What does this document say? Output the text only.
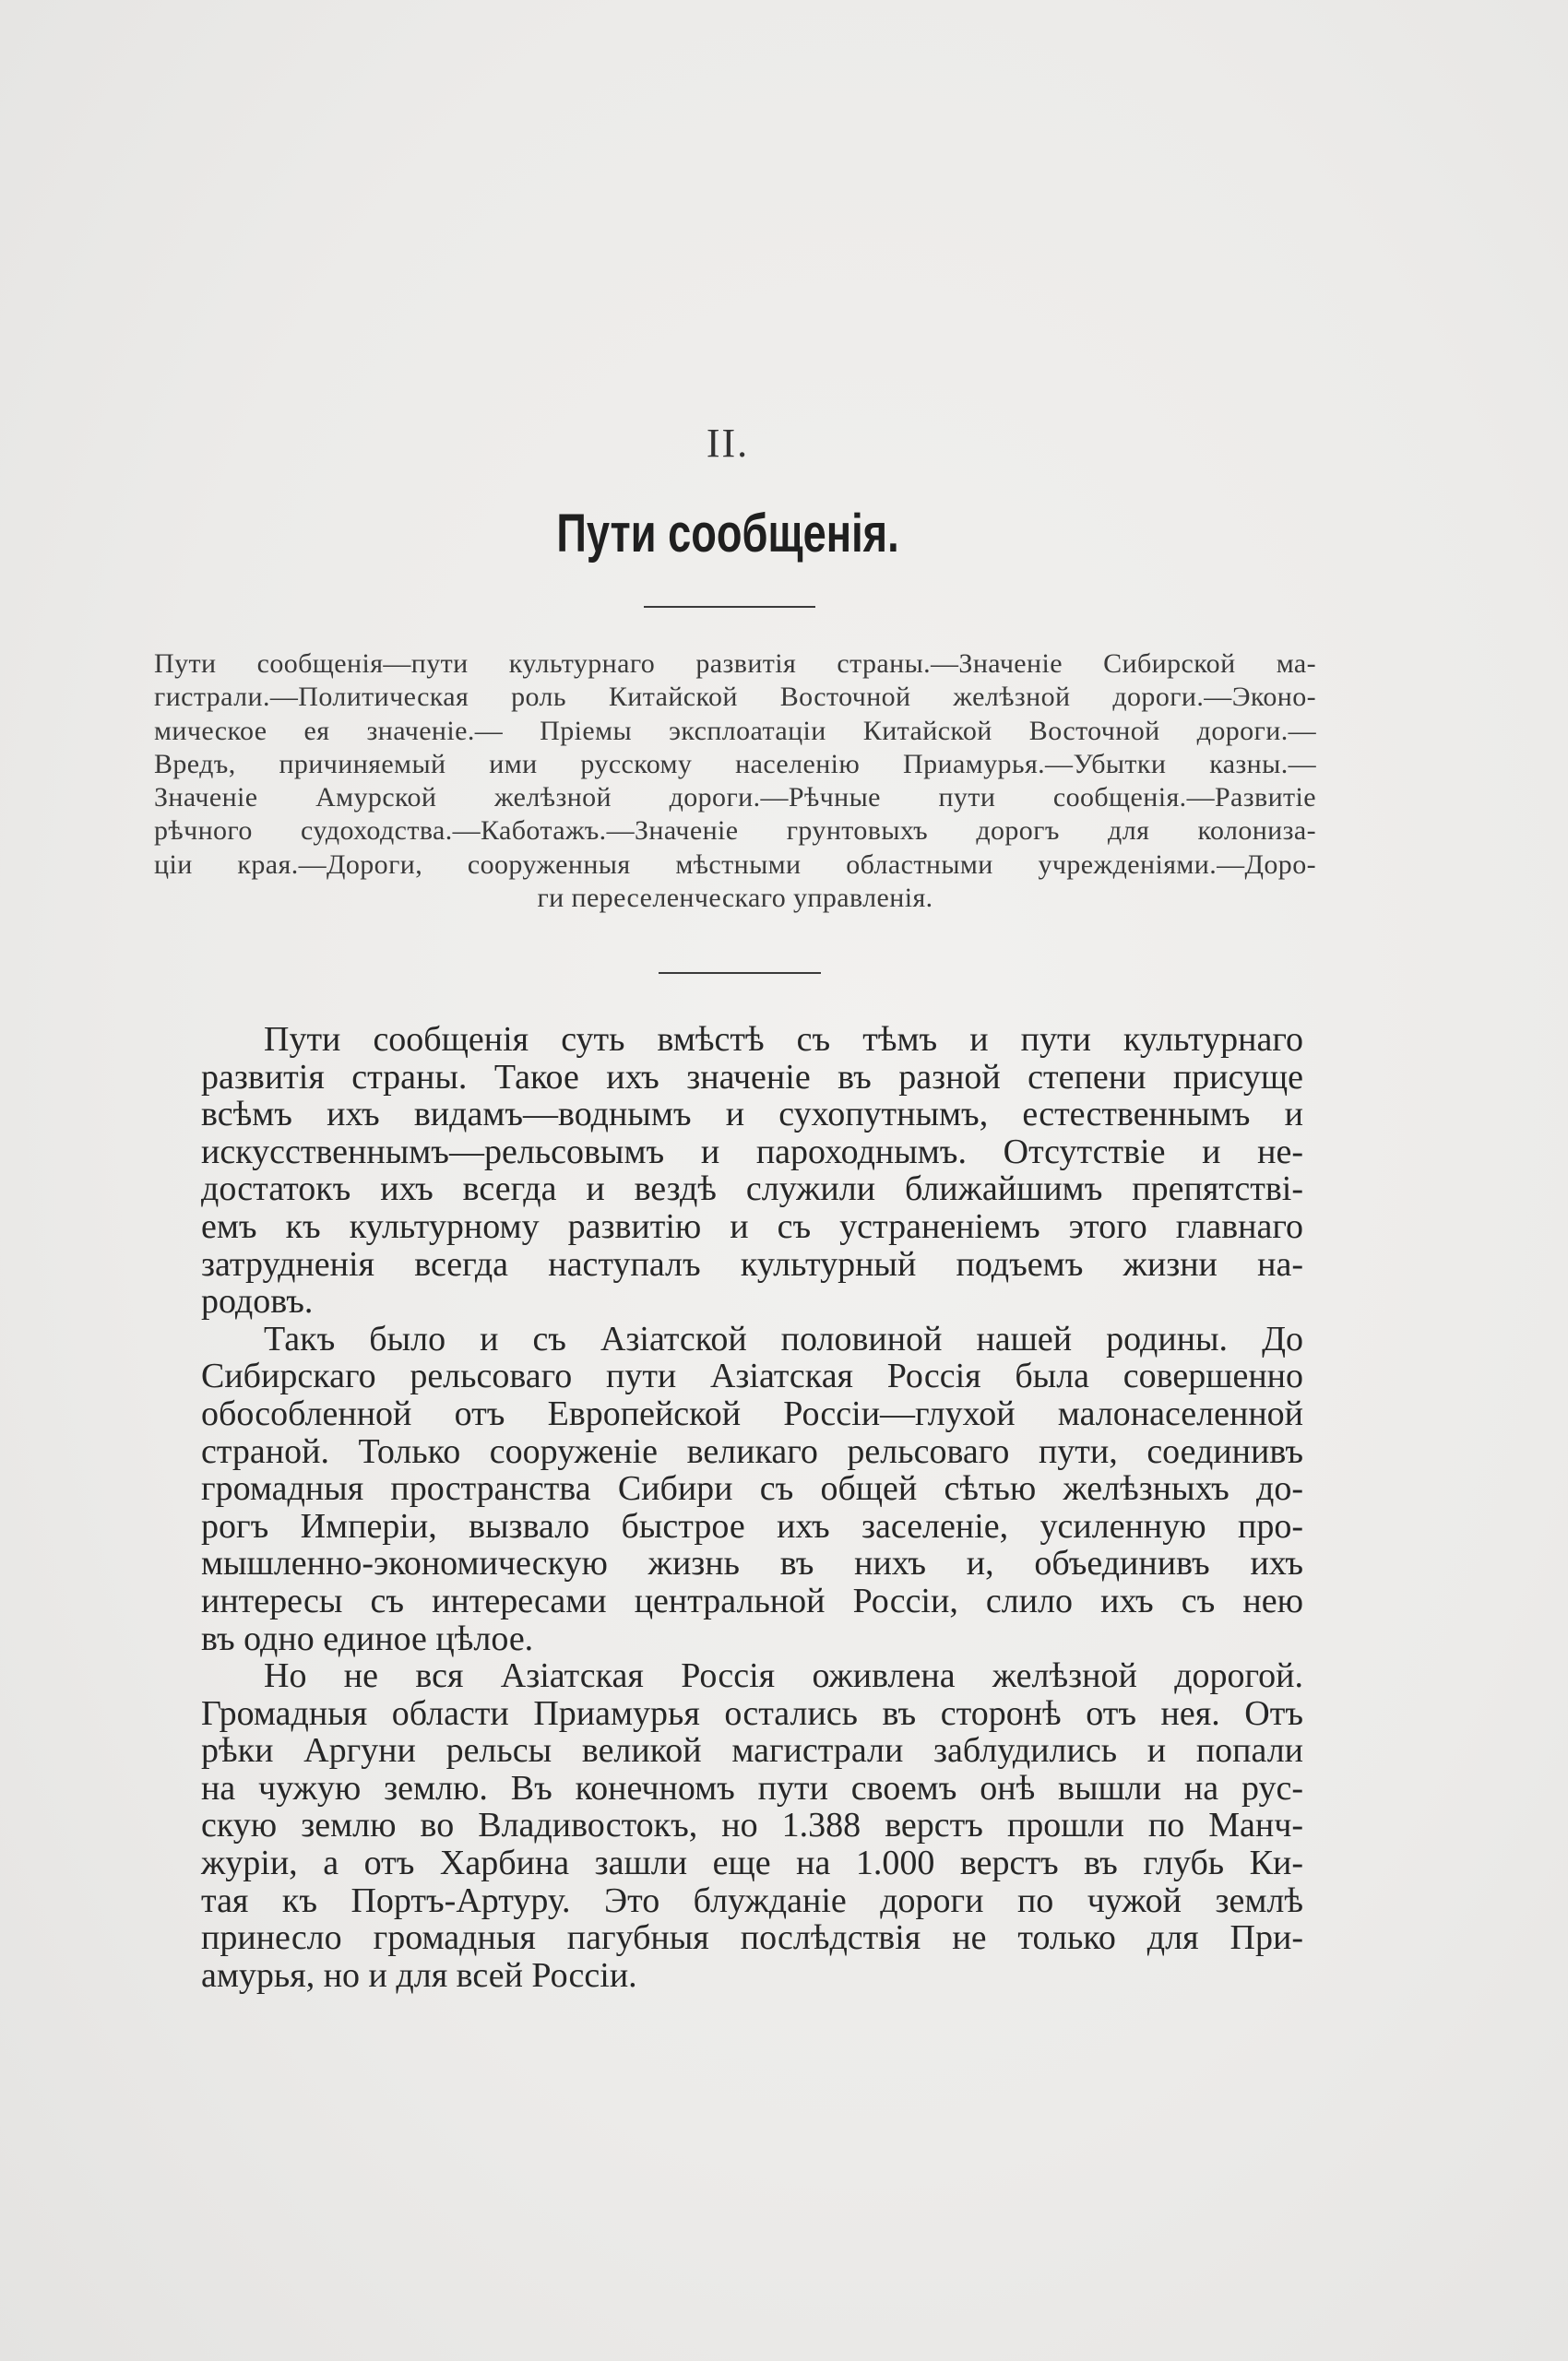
II.
Пути сообщенія.
Пути сообщенія—пути культурнаго развитія страны.—Значеніе Сибирской ма-
гистрали.—Политическая роль Китайской Восточной желѣзной дороги.—Эконо-
мическое ея значеніе.— Пріемы эксплоатаціи Китайской Восточной дороги.—
Вредъ, причиняемый ими русскому населенію Приамурья.—Убытки казны.—
Значеніе Амурской желѣзной дороги.—Рѣчные пути сообщенія.—Развитіе
рѣчного судоходства.—Каботажъ.—Значеніе грунтовыхъ дорогъ для колониза-
ціи края.—Дороги, сооруженныя мѣстными областными учрежденіями.—Доро-
ги переселенческаго управленія.
Пути сообщенія суть вмѣстѣ съ тѣмъ и пути культурнаго
развитія страны. Такое ихъ значеніе въ разной степени присуще
всѣмъ ихъ видамъ—воднымъ и сухопутнымъ, естественнымъ и
искусственнымъ—рельсовымъ и пароходнымъ. Отсутствіе и не-
достатокъ ихъ всегда и вездѣ служили ближайшимъ препятствi-
емъ къ культурному развитію и съ устраненіемъ этого главнаго
затрудненія всегда наступалъ культурный подъемъ жизни на-
родовъ.
Такъ было и съ Азіатской половиной нашей родины. До
Сибирскаго рельсоваго пути Азіатская Россія была совершенно
обособленной отъ Европейской Россіи—глухой малонаселенной
страной. Только сооруженіе великаго рельсоваго пути, соединивъ
громадныя пространства Сибири съ общей сѣтью желѣзныхъ до-
рогъ Имперіи, вызвало быстрое ихъ заселеніе, усиленную про-
мышленно-экономическую жизнь въ нихъ и, объединивъ ихъ
интересы съ интересами центральной Россіи, слило ихъ съ нею
въ одно единое цѣлое.
Но не вся Азіатская Россія оживлена желѣзной дорогой.
Громадныя области Приамурья остались въ сторонѣ отъ нея. Отъ
рѣки Аргуни рельсы великой магистрали заблудились и попали
на чужую землю. Въ конечномъ пути своемъ онѣ вышли на рус-
скую землю во Владивостокъ, но 1.388 верстъ прошли по Манч-
журіи, а отъ Харбина зашли еще на 1.000 верстъ въ глубь Ки-
тая къ Портъ-Артуру. Это блужданіе дороги по чужой землѣ
принесло громадныя пагубныя послѣдствія не только для При-
амурья, но и для всей Россіи.
